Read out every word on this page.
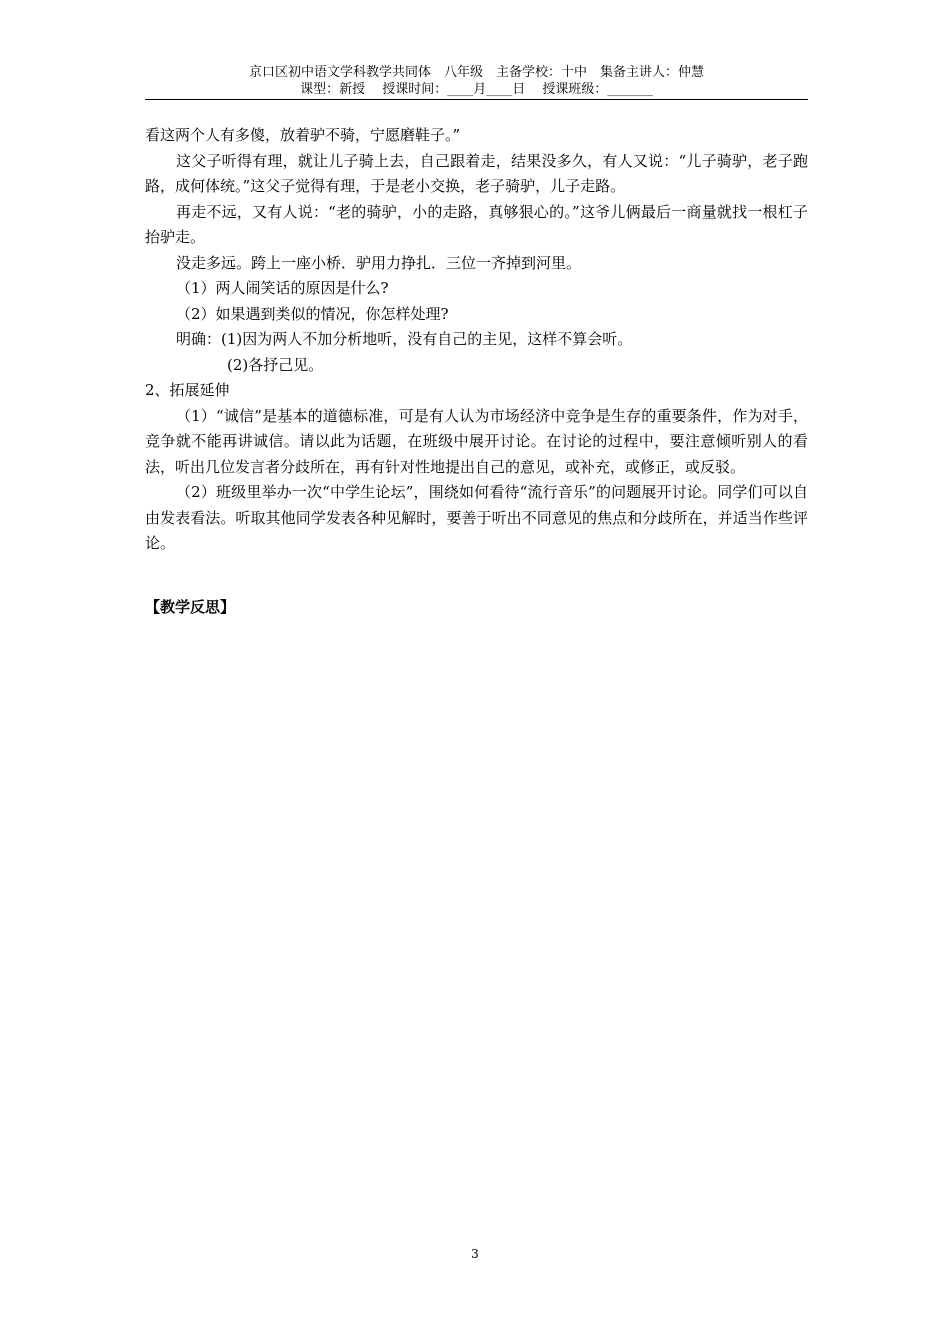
京口区初中语文学科教学共同体　八年级　主备学校：十中　集备主讲人：仲慧
课型：新授　 授课时间：____月____日　 授课班级：_______

看这两个人有多傻，放着驴不骑，宁愿磨鞋子。”

这父子听得有理，就让儿子骑上去，自己跟着走，结果没多久，有人又说：“儿子骑驴，老子跑路，成何体统。”这父子觉得有理，于是老小交换，老子骑驴，儿子走路。

再走不远，又有人说：“老的骑驴，小的走路，真够狠心的。”这爷儿俩最后一商量就找一根杠子抬驴走。

没走多远。跨上一座小桥．驴用力挣扎．三位一齐掉到河里。

（1）两人闹笑话的原因是什么?

（2）如果遇到类似的情况，你怎样处理?

明确：(1)因为两人不加分析地听，没有自己的主见，这样不算会听。

(2)各抒己见。

2、拓展延伸

（1）“诚信”是基本的道德标准，可是有人认为市场经济中竞争是生存的重要条件，作为对手，竞争就不能再讲诚信。请以此为话题，在班级中展开讨论。在讨论的过程中，要注意倾听别人的看法，听出几位发言者分歧所在，再有针对性地提出自己的意见，或补充，或修正，或反驳。

（2）班级里举办一次“中学生论坛”，围绕如何看待“流行音乐”的问题展开讨论。同学们可以自由发表看法。听取其他同学发表各种见解时，要善于听出不同意见的焦点和分歧所在，并适当作些评论。

【教学反思】

3
